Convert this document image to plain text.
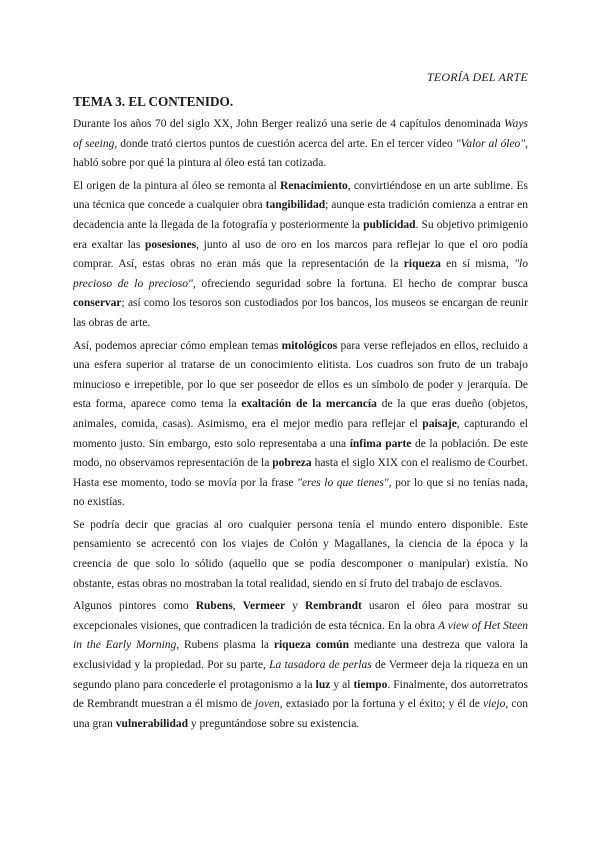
TEORÍA DEL ARTE
TEMA 3. EL CONTENIDO.

Durante los años 70 del siglo XX, John Berger realizó una serie de 4 capítulos denominada Ways of seeing, donde trató ciertos puntos de cuestión acerca del arte. En el tercer vídeo "Valor al óleo", habló sobre por qué la pintura al óleo está tan cotizada.

El origen de la pintura al óleo se remonta al Renacimiento, convirtiéndose en un arte sublime. Es una técnica que concede a cualquier obra tangibilidad; aunque esta tradición comienza a entrar en decadencia ante la llegada de la fotografía y posteriormente la publicidad. Su objetivo primigenio era exaltar las posesiones, junto al uso de oro en los marcos para reflejar lo que el oro podía comprar. Así, estas obras no eran más que la representación de la riqueza en sí misma, "lo precioso de lo precioso", ofreciendo seguridad sobre la fortuna. El hecho de comprar busca conservar; así como los tesoros son custodiados por los bancos, los museos se encargan de reunir las obras de arte.

Así, podemos apreciar cómo emplean temas mitológicos para verse reflejados en ellos, recluido a una esfera superior al tratarse de un conocimiento elitista. Los cuadros son fruto de un trabajo minucioso e irrepetible, por lo que ser poseedor de ellos es un símbolo de poder y jerarquía. De esta forma, aparece como tema la exaltación de la mercancía de la que eras dueño (objetos, animales, comida, casas). Asimismo, era el mejor medio para reflejar el paisaje, capturando el momento justo. Sin embargo, esto solo representaba a una ínfima parte de la población. De este modo, no observamos representación de la pobreza hasta el siglo XIX con el realismo de Courbet. Hasta ese momento, todo se movía por la frase "eres lo que tienes", por lo que si no tenías nada, no existías.

Se podría decir que gracias al oro cualquier persona tenía el mundo entero disponible. Este pensamiento se acrecentó con los viajes de Colón y Magallanes, la ciencia de la época y la creencia de que solo lo sólido (aquello que se podía descomponer o manipular) existía. No obstante, estas obras no mostraban la total realidad, siendo en sí fruto del trabajo de esclavos.

Algunos pintores como Rubens, Vermeer y Rembrandt usaron el óleo para mostrar su excepcionales visiones, que contradicen la tradición de esta técnica. En la obra A view of Het Steen in the Early Morning, Rubens plasma la riqueza común mediante una destreza que valora la exclusividad y la propiedad. Por su parte, La tasadora de perlas de Vermeer deja la riqueza en un segundo plano para concederle el protagonismo a la luz y al tiempo. Finalmente, dos autorretratos de Rembrandt muestran a él mismo de joven, extasiado por la fortuna y el éxito; y él de viejo, con una gran vulnerabilidad y preguntándose sobre su existencia.
